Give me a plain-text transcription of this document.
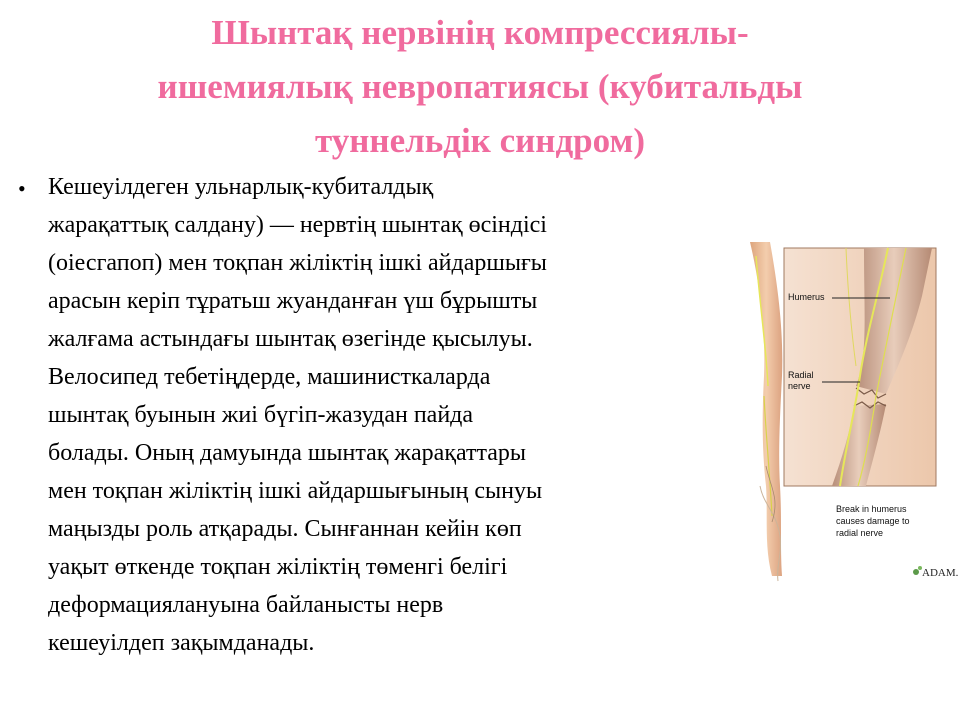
Шынтақ нервінің компрессиялы-
ишемиялық невропатиясы (кубитальды
туннельдік синдром)
• Кешеуілдеген ульнарлық-кубиталдық
жарақаттық салдану) — нервтің шынтақ өсіндісі
(оіесгапоп) мен тоқпан жіліктің ішкі айдаршығы
арасын керіп тұратьш жуанданған үш бұрышты
жалғама астындағы шынтақ өзегінде қысылуы.
Велосипед тебетіңдерде, машинисткаларда
шынтақ буынын жиі бүгіп-жазудан пайда
болады. Оның дамуында шынтақ жарақаттары
мен тоқпан жіліктің ішкі айдаршығының сынуы
маңызды роль атқарады. Сынғаннан кейін көп
уақыт өткенде тоқпан жіліктің төменгі белігі
деформациялануына байланысты нерв
кешеуілдеп зақымданады.
Humerus
Radial
nerve
Break in humerus
causes damage to
radial nerve
ADAM.
